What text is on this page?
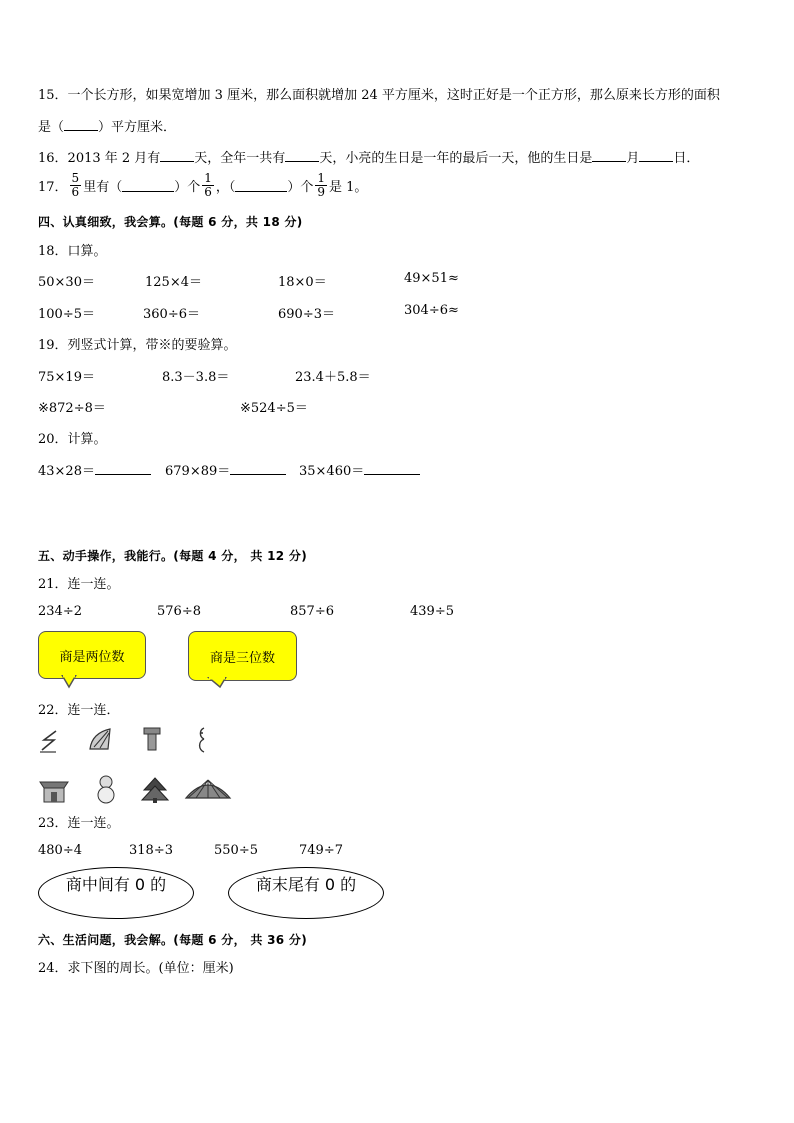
15．一个长方形，如果宽增加 3 厘米，那么面积就增加 24 平方厘米，这时正好是一个正方形，那么原来长方形的面积
是（	）平方厘米．
16．2013 年 2 月有	天，全年一共有	天，小亮的生日是一年的最后一天，他的生日是	月	日．
17． $\frac{5}{6}$ 里有（	）个 $\frac{1}{6}$ ，（	）个 $\frac{1}{9}$ 是 1。
四、认真细致，我会算。(每题 6 分，共 18 分)
18．口算。
50×30＝	125×4＝	18×0＝	49×51≈
100÷5＝	360÷6＝	690÷3＝	304÷6≈
19．列竖式计算，带※的要验算。
75×19＝	8.3－3.8＝	23.4＋5.8＝
※872÷8＝	※524÷5＝
20．计算。
43×28＝	679×89＝	35×460＝
五、动手操作，我能行。(每题 4 分， 共 12 分)
21．连一连。
234÷2	576÷8	857÷6	439÷5
商是两位数	商是三位数
22．连一连．
23．连一连。
480÷4	318÷3	550÷5	749÷7
商中间有 0 的	商末尾有 0 的
六、生活问题，我会解。(每题 6 分， 共 36 分)
24．求下图的周长。(单位：厘米)
